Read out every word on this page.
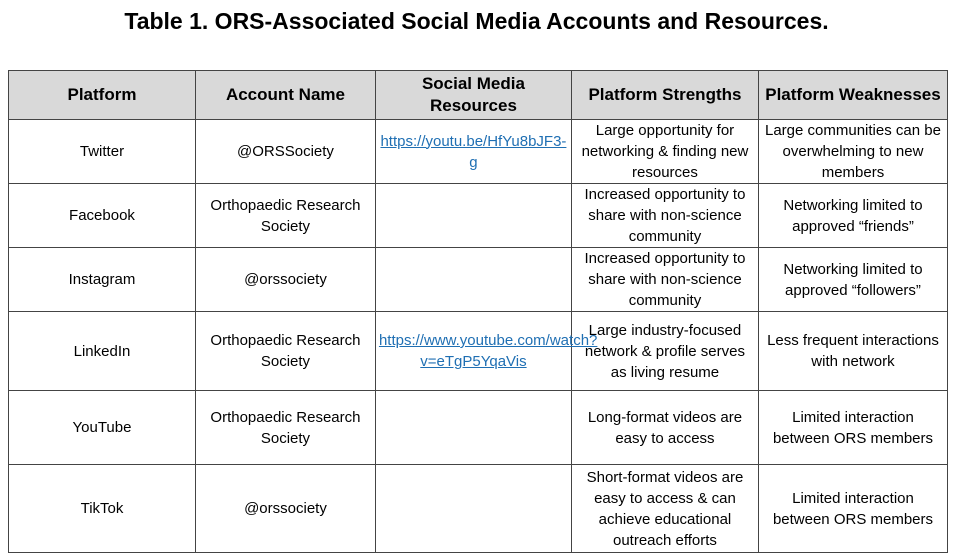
Table 1. ORS-Associated Social Media Accounts and Resources.
Platform	Account Name	Social Media Resources	Platform Strengths	Platform Weaknesses
Twitter	@ORSSociety	https://youtu.be/HfYu8bJF3-g	Large opportunity for networking & finding new resources	Large communities can be overwhelming to new members
Facebook	Orthopaedic Research Society		Increased opportunity to share with non-science community	Networking limited to approved “friends”
Instagram	@orssociety		Increased opportunity to share with non-science community	Networking limited to approved “followers”
LinkedIn	Orthopaedic Research Society	https://www.youtube.com/watch?v=eTgP5YqaVis	Large industry-focused network & profile serves as living resume	Less frequent interactions with network
YouTube	Orthopaedic Research Society		Long-format videos are easy to access	Limited interaction between ORS members
TikTok	@orssociety		Short-format videos are easy to access & can achieve educational outreach efforts	Limited interaction between ORS members
